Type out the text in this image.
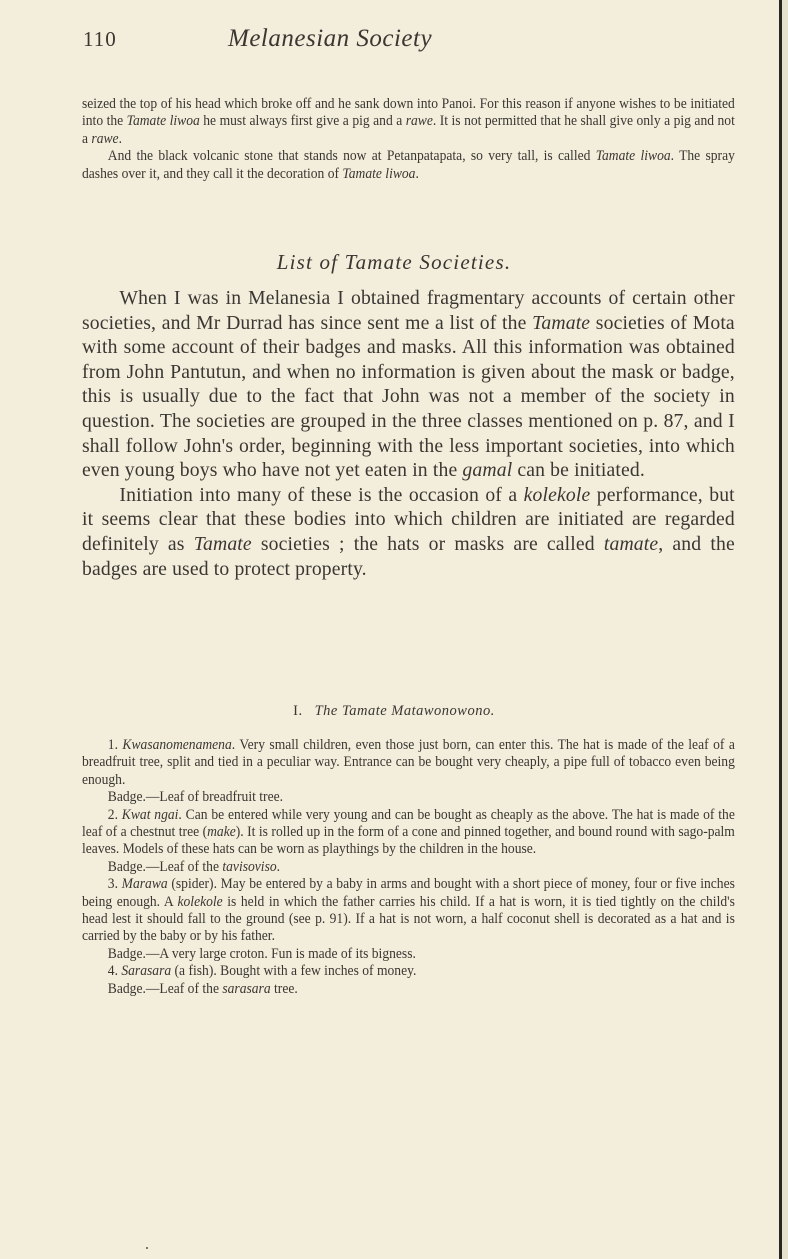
110	Melanesian Society

seized the top of his head which broke off and he sank down into Panoi. For this reason if anyone wishes to be initiated into the Tamate liwoa he must always first give a pig and a rawe. It is not permitted that he shall give only a pig and not a rawe.

And the black volcanic stone that stands now at Petanpatapata, so very tall, is called Tamate liwoa. The spray dashes over it, and they call it the decoration of Tamate liwoa.

List of Tamate Societies.

When I was in Melanesia I obtained fragmentary accounts of certain other societies, and Mr Durrad has since sent me a list of the Tamate societies of Mota with some account of their badges and masks. All this information was obtained from John Pantutun, and when no information is given about the mask or badge, this is usually due to the fact that John was not a member of the society in question. The societies are grouped in the three classes mentioned on p. 87, and I shall follow John's order, beginning with the less important societies, into which even young boys who have not yet eaten in the gamal can be initiated.

Initiation into many of these is the occasion of a kolekole performance, but it seems clear that these bodies into which children are initiated are regarded definitely as Tamate societies ; the hats or masks are called tamate, and the badges are used to protect property.

I. The Tamate Matawonowono.

1. Kwasanomenamena. Very small children, even those just born, can enter this. The hat is made of the leaf of a breadfruit tree, split and tied in a peculiar way. Entrance can be bought very cheaply, a pipe full of tobacco even being enough.

Badge.—Leaf of breadfruit tree.

2. Kwat ngai. Can be entered while very young and can be bought as cheaply as the above. The hat is made of the leaf of a chestnut tree (make). It is rolled up in the form of a cone and pinned together, and bound round with sago-palm leaves. Models of these hats can be worn as playthings by the children in the house.

Badge.—Leaf of the tavisoviso.

3. Marawa (spider). May be entered by a baby in arms and bought with a short piece of money, four or five inches being enough. A kolekole is held in which the father carries his child. If a hat is worn, it is tied tightly on the child's head lest it should fall to the ground (see p. 91). If a hat is not worn, a half coconut shell is decorated as a hat and is carried by the baby or by his father.

Badge.—A very large croton. Fun is made of its bigness.

4. Sarasara (a fish). Bought with a few inches of money.

Badge.—Leaf of the sarasara tree.
